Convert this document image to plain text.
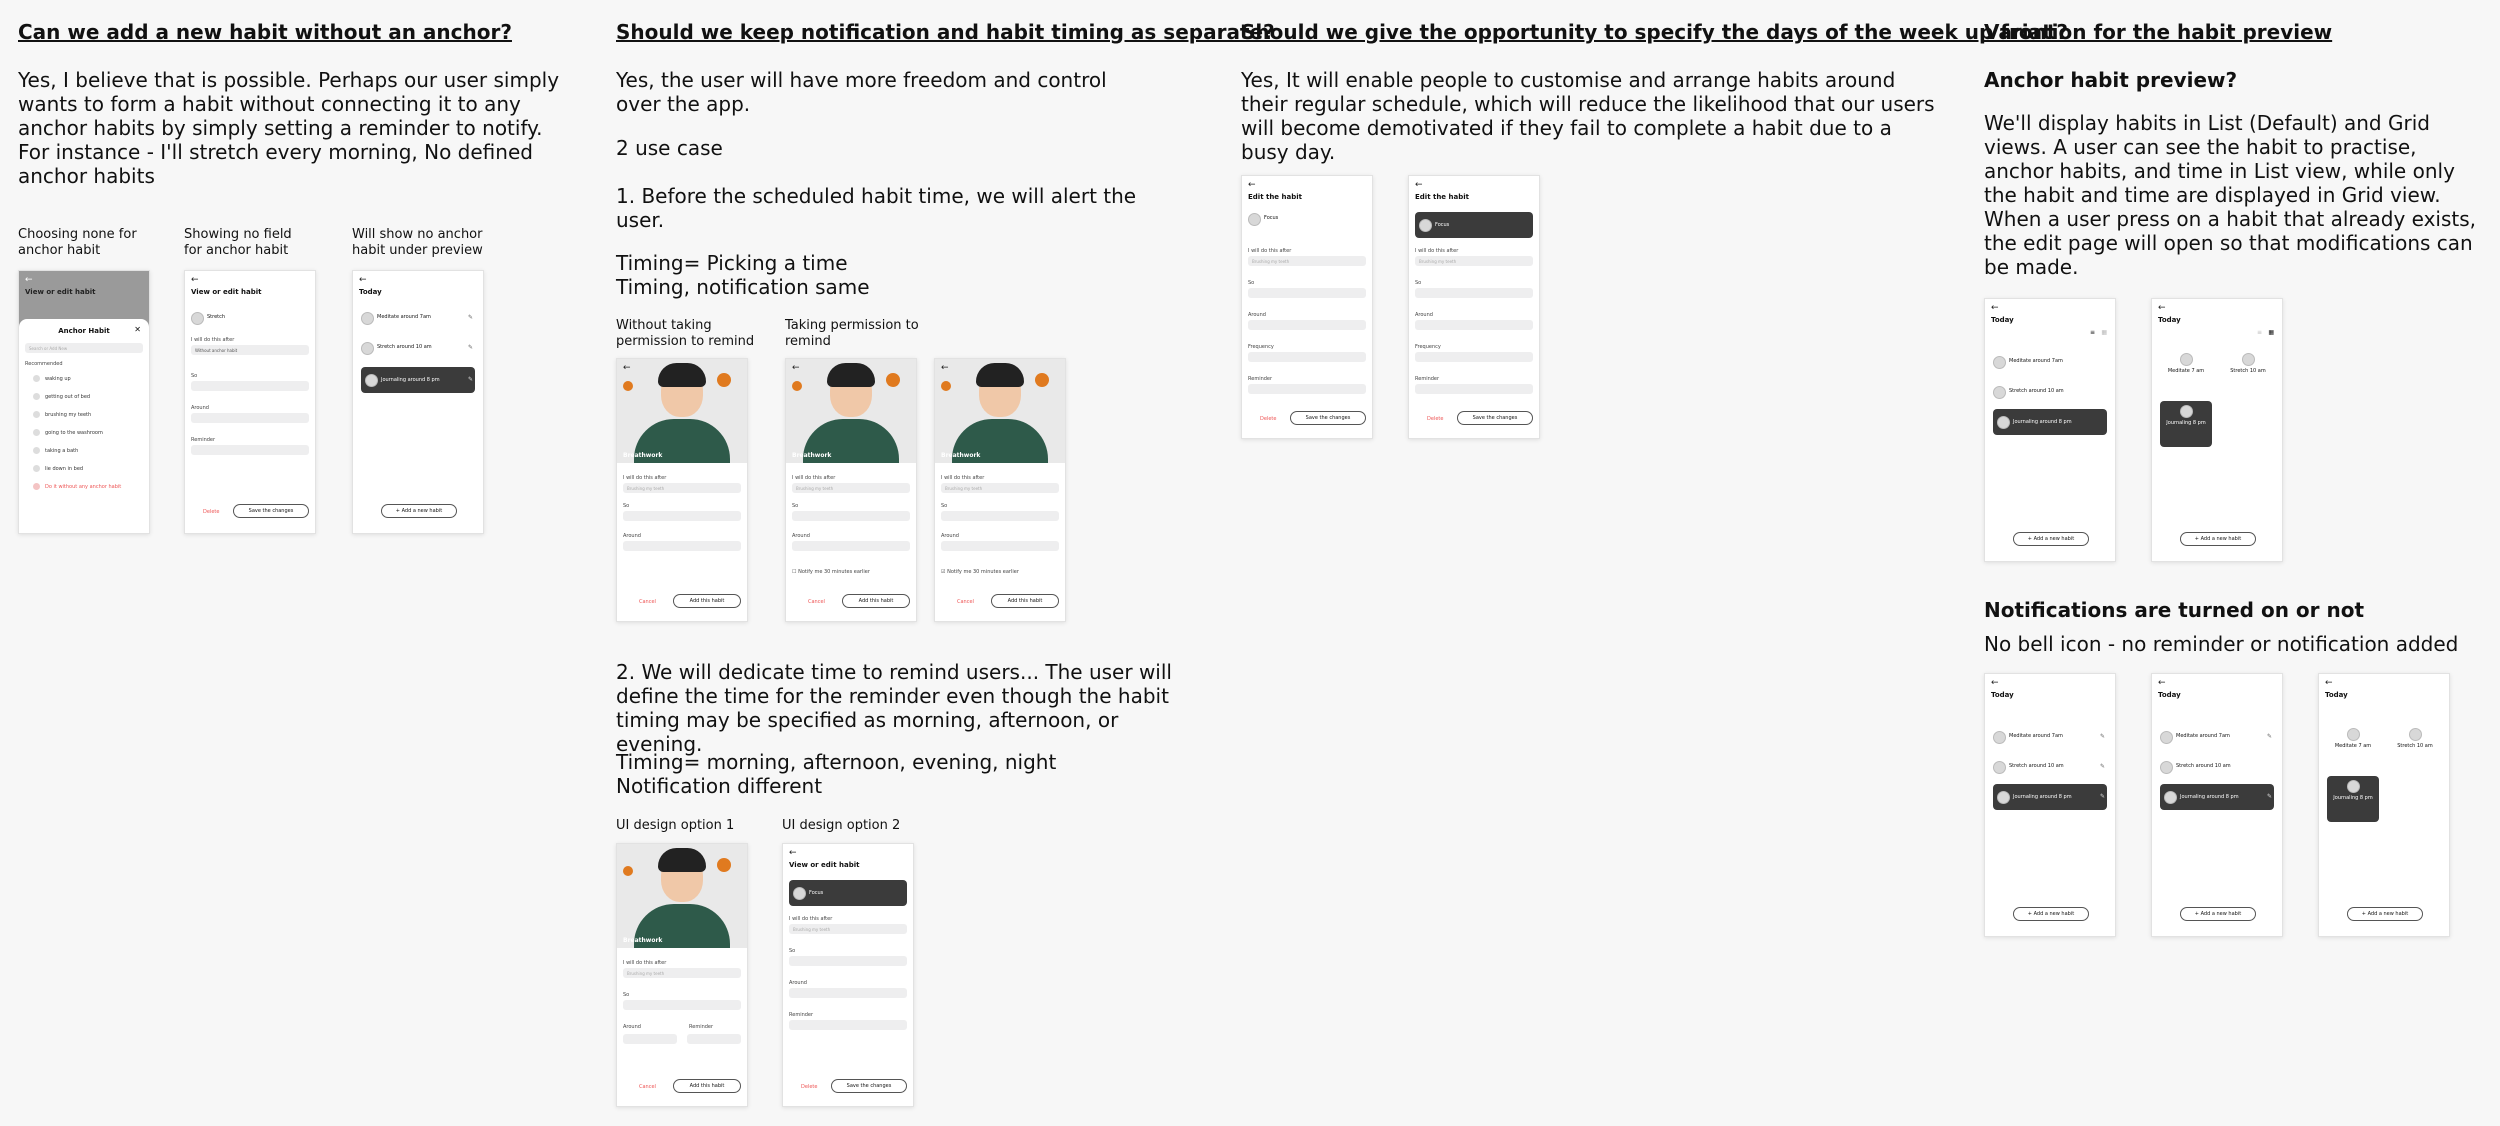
Can we add a new habit without an anchor?
Yes, I believe that is possible. Perhaps our user simply wants to form a habit without connecting it to any anchor habits by simply setting a reminder to notify. For instance - I'll stretch every morning, No defined anchor habits
Choosing none for anchor habit
Showing no field for anchor habit
Will show no anchor habit under preview
←
View or edit habit
Anchor Habit	✕
Search or Add New
Recommended
waking up
getting out of bed
brushing my teeth
going to the washroom
taking a bath
lie down in bed
Do it without any anchor habit
←
View or edit habit
Stretch
I will do this after
Without anchor habit
So
Around
Reminder
Delete	Save the changes
←
Today
Meditate around 7am	✎
Stretch around 10 am	✎
Journaling around 8 pm	✎
+ Add a new habit
Should we keep notification and habit timing as separate?
Yes, the user will have more freedom and control over the app.
2 use case
1. Before the scheduled habit time, we will alert the user.
Timing= Picking a time
Timing, notification same
Without taking permission to remind
Taking permission to remind
Breathwork
←
I will do this after
Brushing my teeth
So
Around
Cancel	Add this habit
Breathwork
←
I will do this after
Brushing my teeth
So
Around
☐ Notify me 30 minutes earlier
Cancel	Add this habit
Breathwork
←
I will do this after
Brushing my teeth
So
Around
☑ Notify me 30 minutes earlier
Cancel	Add this habit
2. We will dedicate time to remind users... The user will define the time for the reminder even though the habit timing may be specified as morning, afternoon, or evening.
Timing= morning, afternoon, evening, night
Notification different
UI design option 1	UI design option 2
Breathwork
I will do this after
Brushing my teeth
So
Around	Reminder
Cancel	Add this habit
←
View or edit habit
Focus
I will do this after
Brushing my teeth
So
Around
Reminder
Delete	Save the changes
Should we give the opportunity to specify the days of the week up front?
Yes, It will enable people to customise and arrange habits around their regular schedule, which will reduce the likelihood that our users will become demotivated if they fail to complete a habit due to a busy day.
←
Edit the habit
Focus
I will do this after
Brushing my teeth
So
Around
Frequency
Reminder
Delete	Save the changes
←
Edit the habit
Focus
I will do this after
Brushing my teeth
So
Around
Frequency
Reminder
Delete	Save the changes
Variation for the habit preview
Anchor habit preview?
We'll display habits in List (Default) and Grid views. A user can see the habit to practise, anchor habits, and time in List view, while only the habit and time are displayed in Grid view.
When a user press on a habit that already exists, the edit page will open so that modifications can be made.
←
Today
≡ ▦
Meditate around 7am
Stretch around 10 am
Journaling around 8 pm
+ Add a new habit
←
Today
≡ ▦
Meditate 7 am	Stretch 10 am
Journaling 8 pm
+ Add a new habit
Notifications are turned on or not
No bell icon - no reminder or notification added
←
Today
Meditate around 7am	✎
Stretch around 10 am	✎
Journaling around 8 pm	✎
+ Add a new habit
←
Today
Meditate around 7am	✎
Stretch around 10 am
Journaling around 8 pm	✎
+ Add a new habit
←
Today
Meditate 7 am	Stretch 10 am
Journaling 8 pm
+ Add a new habit
